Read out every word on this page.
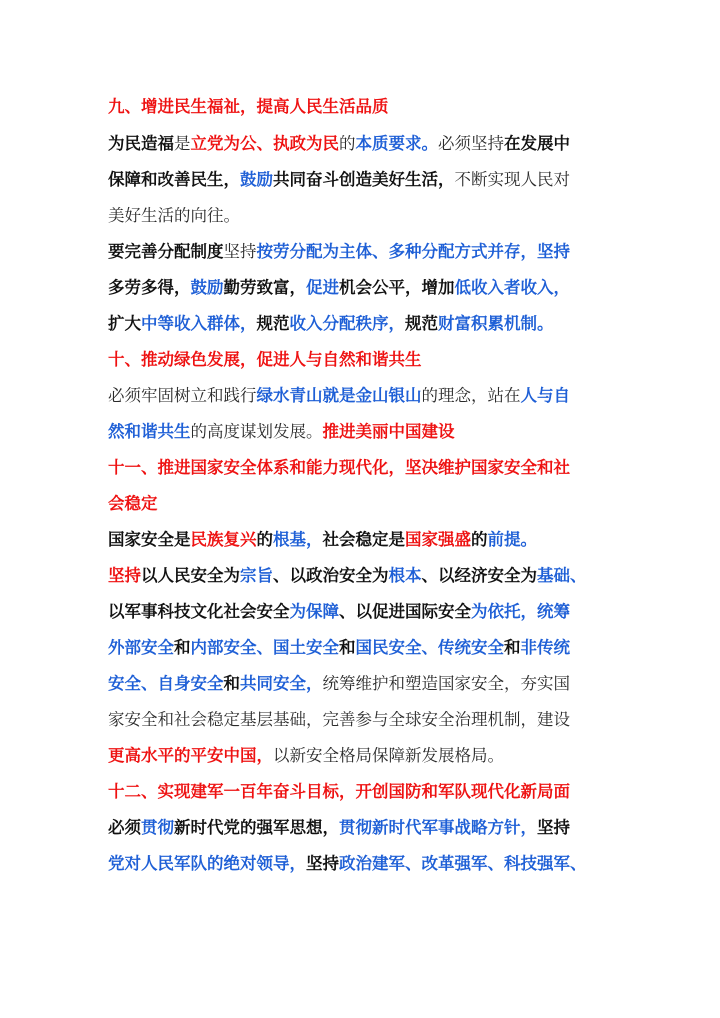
九、增进民生福祉，提高人民生活品质
为民造福是立党为公、执政为民的本质要求。必须坚持在发展中
保障和改善民生，鼓励共同奋斗创造美好生活，不断实现人民对
美好生活的向往。
要完善分配制度坚持按劳分配为主体、多种分配方式并存，坚持
多劳多得，鼓励勤劳致富，促进机会公平，增加低收入者收入，
扩大中等收入群体，规范收入分配秩序，规范财富积累机制。
十、推动绿色发展，促进人与自然和谐共生
必须牢固树立和践行绿水青山就是金山银山的理念，站在人与自
然和谐共生的高度谋划发展。推进美丽中国建设
十一、推进国家安全体系和能力现代化，坚决维护国家安全和社
会稳定
国家安全是民族复兴的根基，社会稳定是国家强盛的前提。
坚持以人民安全为宗旨、以政治安全为根本、以经济安全为基础、
以军事科技文化社会安全为保障、以促进国际安全为依托，统筹
外部安全和内部安全、国土安全和国民安全、传统安全和非传统
安全、自身安全和共同安全，统筹维护和塑造国家安全，夯实国
家安全和社会稳定基层基础，完善参与全球安全治理机制，建设
更高水平的平安中国，以新安全格局保障新发展格局。
十二、实现建军一百年奋斗目标，开创国防和军队现代化新局面
必须贯彻新时代党的强军思想，贯彻新时代军事战略方针，坚持
党对人民军队的绝对领导，坚持政治建军、改革强军、科技强军、
